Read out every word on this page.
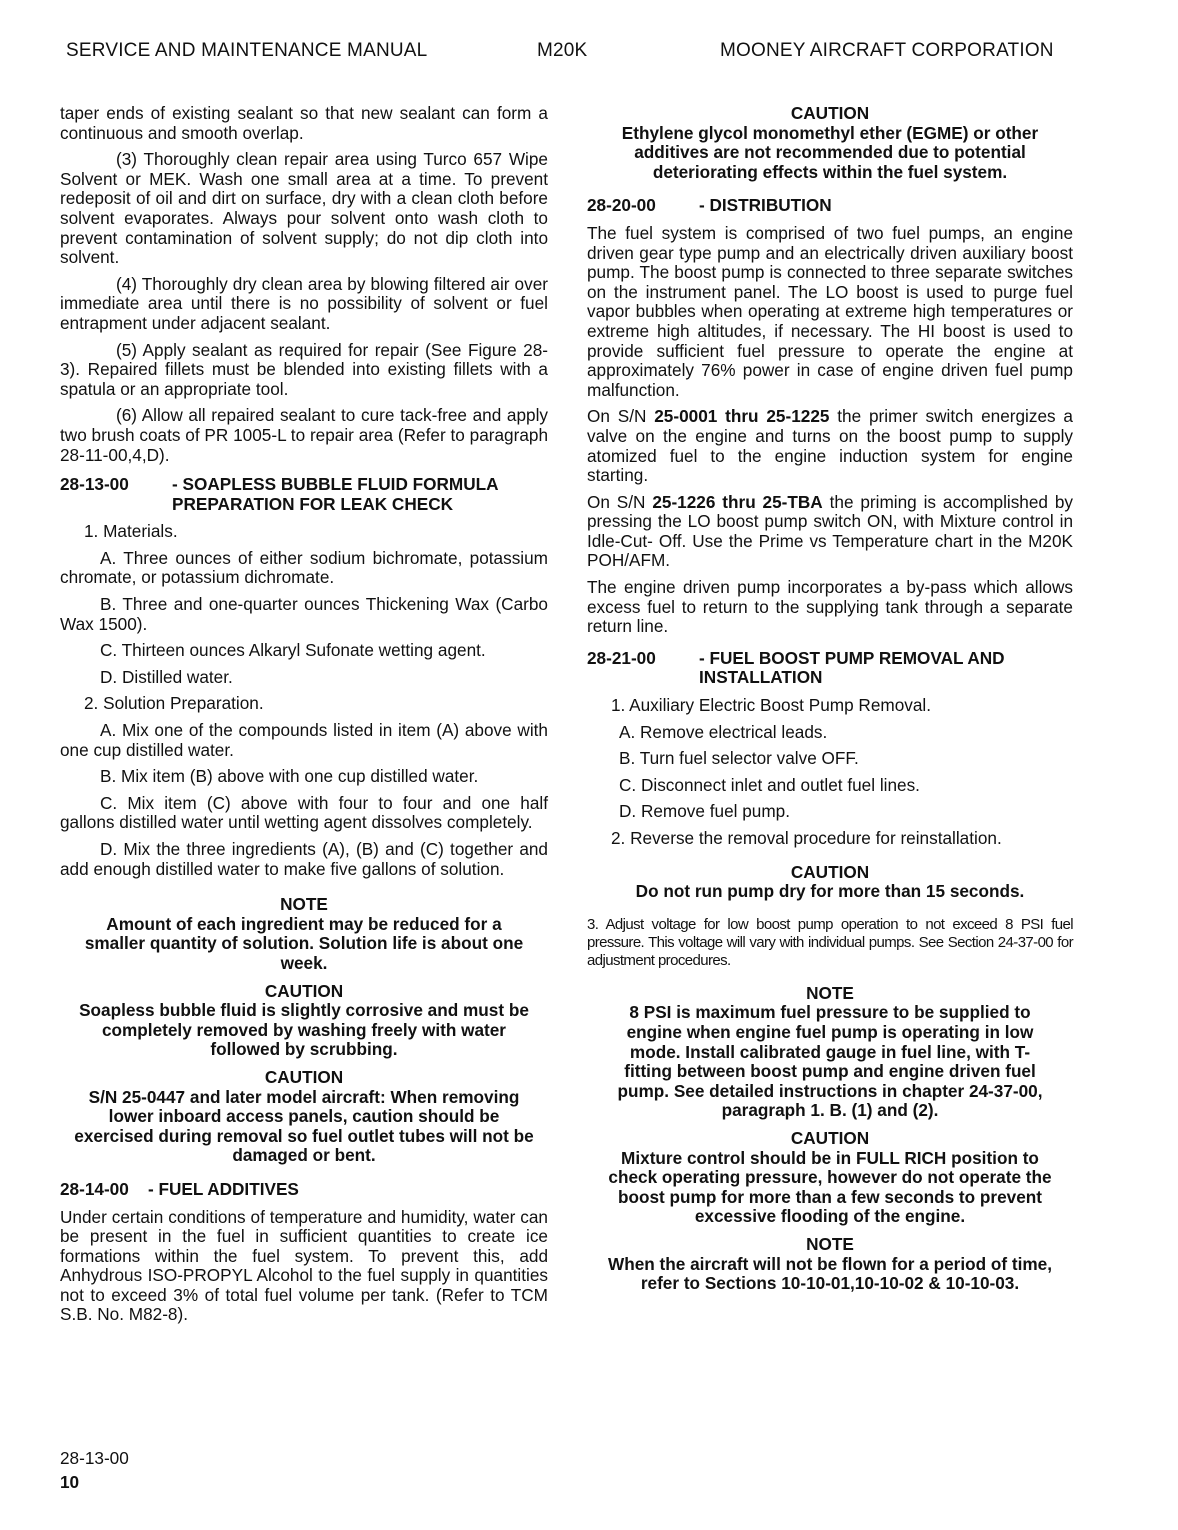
SERVICE AND MAINTENANCE MANUAL	M20K	MOONEY AIRCRAFT CORPORATION

taper ends of existing sealant so that new sealant can form a continuous and smooth overlap.

(3) Thoroughly clean repair area using Turco 657 Wipe Solvent or MEK. Wash one small area at a time. To prevent redeposit of oil and dirt on surface, dry with a clean cloth before solvent evaporates. Always pour solvent onto wash cloth to prevent contamination of solvent supply; do not dip cloth into solvent.

(4) Thoroughly dry clean area by blowing filtered air over immediate area until there is no possibility of solvent or fuel entrapment under adjacent sealant.

(5) Apply sealant as required for repair (See Figure 28-3). Repaired fillets must be blended into existing fillets with a spatula or an appropriate tool.

(6) Allow all repaired sealant to cure tack-free and apply two brush coats of PR 1005-L to repair area (Refer to paragraph 28-11-00,4,D).

28-13-00	- SOAPLESS BUBBLE FLUID FORMULA PREPARATION FOR LEAK CHECK

1. Materials.

A. Three ounces of either sodium bichromate, potassium chromate, or potassium dichromate.

B. Three and one-quarter ounces Thickening Wax (Carbo Wax 1500).

C. Thirteen ounces Alkaryl Sufonate wetting agent.

D. Distilled water.

2. Solution Preparation.

A. Mix one of the compounds listed in item (A) above with one cup distilled water.

B. Mix item (B) above with one cup distilled water.

C. Mix item (C) above with four to four and one half gallons distilled water until wetting agent dissolves completely.

D. Mix the three ingredients (A), (B) and (C) together and add enough distilled water to make five gallons of solution.

NOTE
Amount of each ingredient may be reduced for a smaller quantity of solution. Solution life is about one week.
CAUTION
Soapless bubble fluid is slightly corrosive and must be completely removed by washing freely with water followed by scrubbing.
CAUTION
S/N 25-0447 and later model aircraft: When removing lower inboard access panels, caution should be exercised during removal so fuel outlet tubes will not be damaged or bent.
28-14-00	- FUEL ADDITIVES

Under certain conditions of temperature and humidity, water can be present in the fuel in sufficient quantities to create ice formations within the fuel system. To prevent this, add Anhydrous ISO-PROPYL Alcohol to the fuel supply in quantities not to exceed 3% of total fuel volume per tank. (Refer to TCM S.B. No. M82-8).

CAUTION
Ethylene glycol monomethyl ether (EGME) or other additives are not recommended due to potential deteriorating effects within the fuel system.
28-20-00	- DISTRIBUTION

The fuel system is comprised of two fuel pumps, an engine driven gear type pump and an electrically driven auxiliary boost pump. The boost pump is connected to three separate switches on the instrument panel. The LO boost is used to purge fuel vapor bubbles when operating at extreme high temperatures or extreme high altitudes, if necessary. The HI boost is used to provide sufficient fuel pressure to operate the engine at approximately 76% power in case of engine driven fuel pump malfunction.

On S/N 25-0001 thru 25-1225 the primer switch energizes a valve on the engine and turns on the boost pump to supply atomized fuel to the engine induction system for engine starting.

On S/N 25-1226 thru 25-TBA the priming is accomplished by pressing the LO boost pump switch ON, with Mixture control in Idle-Cut- Off. Use the Prime vs Temperature chart in the M20K POH/AFM.

The engine driven pump incorporates a by-pass which allows excess fuel to return to the supplying tank through a separate return line.

28-21-00	- FUEL BOOST PUMP REMOVAL AND INSTALLATION

1. Auxiliary Electric Boost Pump Removal.

A. Remove electrical leads.

B. Turn fuel selector valve OFF.

C. Disconnect inlet and outlet fuel lines.

D. Remove fuel pump.

2. Reverse the removal procedure for reinstallation.

CAUTION
Do not run pump dry for more than 15 seconds.

3. Adjust voltage for low boost pump operation to not exceed 8 PSI fuel pressure. This voltage will vary with individual pumps. See Section 24-37-00 for adjustment procedures.

NOTE
8 PSI is maximum fuel pressure to be supplied to engine when engine fuel pump is operating in low mode. Install calibrated gauge in fuel line, with T-fitting between boost pump and engine driven fuel pump. See detailed instructions in chapter 24-37-00, paragraph 1. B. (1) and (2).
CAUTION
Mixture control should be in FULL RICH position to check operating pressure, however do not operate the boost pump for more than a few seconds to prevent excessive flooding of the engine.
NOTE
When the aircraft will not be flown for a period of time, refer to Sections 10-10-01,10-10-02 & 10-10-03.
28-13-00
10
